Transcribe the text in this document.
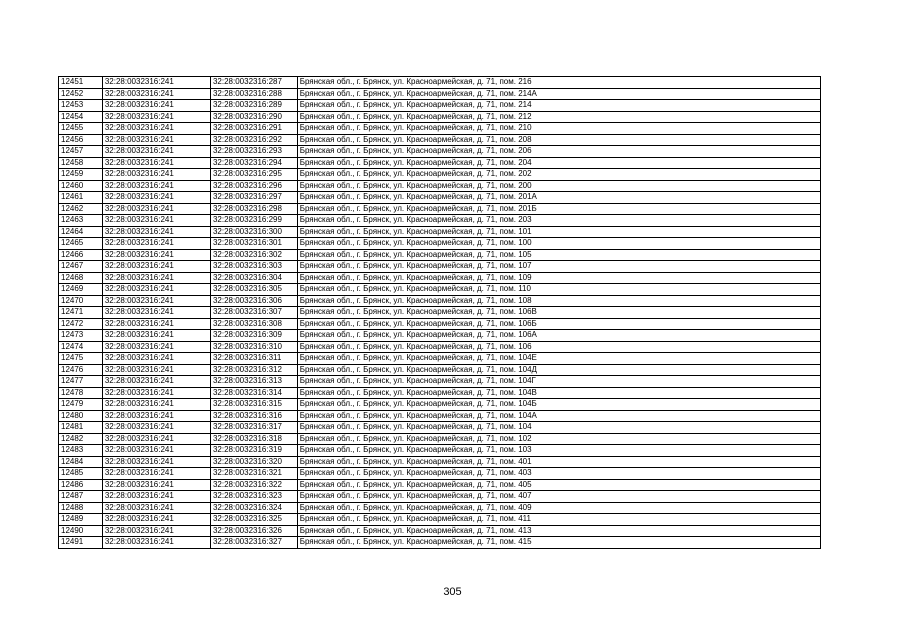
12451	32:28:0032316:241	32:28:0032316:287	Брянская обл., г. Брянск, ул. Красноармейская, д. 71, пом. 216
12452	32:28:0032316:241	32:28:0032316:288	Брянская обл., г. Брянск, ул. Красноармейская, д. 71, пом. 214А
12453	32:28:0032316:241	32:28:0032316:289	Брянская обл., г. Брянск, ул. Красноармейская, д. 71, пом. 214
12454	32:28:0032316:241	32:28:0032316:290	Брянская обл., г. Брянск, ул. Красноармейская, д. 71, пом. 212
12455	32:28:0032316:241	32:28:0032316:291	Брянская обл., г. Брянск, ул. Красноармейская, д. 71, пом. 210
12456	32:28:0032316:241	32:28:0032316:292	Брянская обл., г. Брянск, ул. Красноармейская, д. 71, пом. 208
12457	32:28:0032316:241	32:28:0032316:293	Брянская обл., г. Брянск, ул. Красноармейская, д. 71, пом. 206
12458	32:28:0032316:241	32:28:0032316:294	Брянская обл., г. Брянск, ул. Красноармейская, д. 71, пом. 204
12459	32:28:0032316:241	32:28:0032316:295	Брянская обл., г. Брянск, ул. Красноармейская, д. 71, пом. 202
12460	32:28:0032316:241	32:28:0032316:296	Брянская обл., г. Брянск, ул. Красноармейская, д. 71, пом. 200
12461	32:28:0032316:241	32:28:0032316:297	Брянская обл., г. Брянск, ул. Красноармейская, д. 71, пом. 201А
12462	32:28:0032316:241	32:28:0032316:298	Брянская обл., г. Брянск, ул. Красноармейская, д. 71, пом. 201Б
12463	32:28:0032316:241	32:28:0032316:299	Брянская обл., г. Брянск, ул. Красноармейская, д. 71, пом. 203
12464	32:28:0032316:241	32:28:0032316:300	Брянская обл., г. Брянск, ул. Красноармейская, д. 71, пом. 101
12465	32:28:0032316:241	32:28:0032316:301	Брянская обл., г. Брянск, ул. Красноармейская, д. 71, пом. 100
12466	32:28:0032316:241	32:28:0032316:302	Брянская обл., г. Брянск, ул. Красноармейская, д. 71, пом. 105
12467	32:28:0032316:241	32:28:0032316:303	Брянская обл., г. Брянск, ул. Красноармейская, д. 71, пом. 107
12468	32:28:0032316:241	32:28:0032316:304	Брянская обл., г. Брянск, ул. Красноармейская, д. 71, пом. 109
12469	32:28:0032316:241	32:28:0032316:305	Брянская обл., г. Брянск, ул. Красноармейская, д. 71, пом. 110
12470	32:28:0032316:241	32:28:0032316:306	Брянская обл., г. Брянск, ул. Красноармейская, д. 71, пом. 108
12471	32:28:0032316:241	32:28:0032316:307	Брянская обл., г. Брянск, ул. Красноармейская, д. 71, пом. 106В
12472	32:28:0032316:241	32:28:0032316:308	Брянская обл., г. Брянск, ул. Красноармейская, д. 71, пом. 106Б
12473	32:28:0032316:241	32:28:0032316:309	Брянская обл., г. Брянск, ул. Красноармейская, д. 71, пом. 106А
12474	32:28:0032316:241	32:28:0032316:310	Брянская обл., г. Брянск, ул. Красноармейская, д. 71, пом. 106
12475	32:28:0032316:241	32:28:0032316:311	Брянская обл., г. Брянск, ул. Красноармейская, д. 71, пом. 104Е
12476	32:28:0032316:241	32:28:0032316:312	Брянская обл., г. Брянск, ул. Красноармейская, д. 71, пом. 104Д
12477	32:28:0032316:241	32:28:0032316:313	Брянская обл., г. Брянск, ул. Красноармейская, д. 71, пом. 104Г
12478	32:28:0032316:241	32:28:0032316:314	Брянская обл., г. Брянск, ул. Красноармейская, д. 71, пом. 104В
12479	32:28:0032316:241	32:28:0032316:315	Брянская обл., г. Брянск, ул. Красноармейская, д. 71, пом. 104Б
12480	32:28:0032316:241	32:28:0032316:316	Брянская обл., г. Брянск, ул. Красноармейская, д. 71, пом. 104А
12481	32:28:0032316:241	32:28:0032316:317	Брянская обл., г. Брянск, ул. Красноармейская, д. 71, пом. 104
12482	32:28:0032316:241	32:28:0032316:318	Брянская обл., г. Брянск, ул. Красноармейская, д. 71, пом. 102
12483	32:28:0032316:241	32:28:0032316:319	Брянская обл., г. Брянск, ул. Красноармейская, д. 71, пом. 103
12484	32:28:0032316:241	32:28:0032316:320	Брянская обл., г. Брянск, ул. Красноармейская, д. 71, пом. 401
12485	32:28:0032316:241	32:28:0032316:321	Брянская обл., г. Брянск, ул. Красноармейская, д. 71, пом. 403
12486	32:28:0032316:241	32:28:0032316:322	Брянская обл., г. Брянск, ул. Красноармейская, д. 71, пом. 405
12487	32:28:0032316:241	32:28:0032316:323	Брянская обл., г. Брянск, ул. Красноармейская, д. 71, пом. 407
12488	32:28:0032316:241	32:28:0032316:324	Брянская обл., г. Брянск, ул. Красноармейская, д. 71, пом. 409
12489	32:28:0032316:241	32:28:0032316:325	Брянская обл., г. Брянск, ул. Красноармейская, д. 71, пом. 411
12490	32:28:0032316:241	32:28:0032316:326	Брянская обл., г. Брянск, ул. Красноармейская, д. 71, пом. 413
12491	32:28:0032316:241	32:28:0032316:327	Брянская обл., г. Брянск, ул. Красноармейская, д. 71, пом. 415
305
